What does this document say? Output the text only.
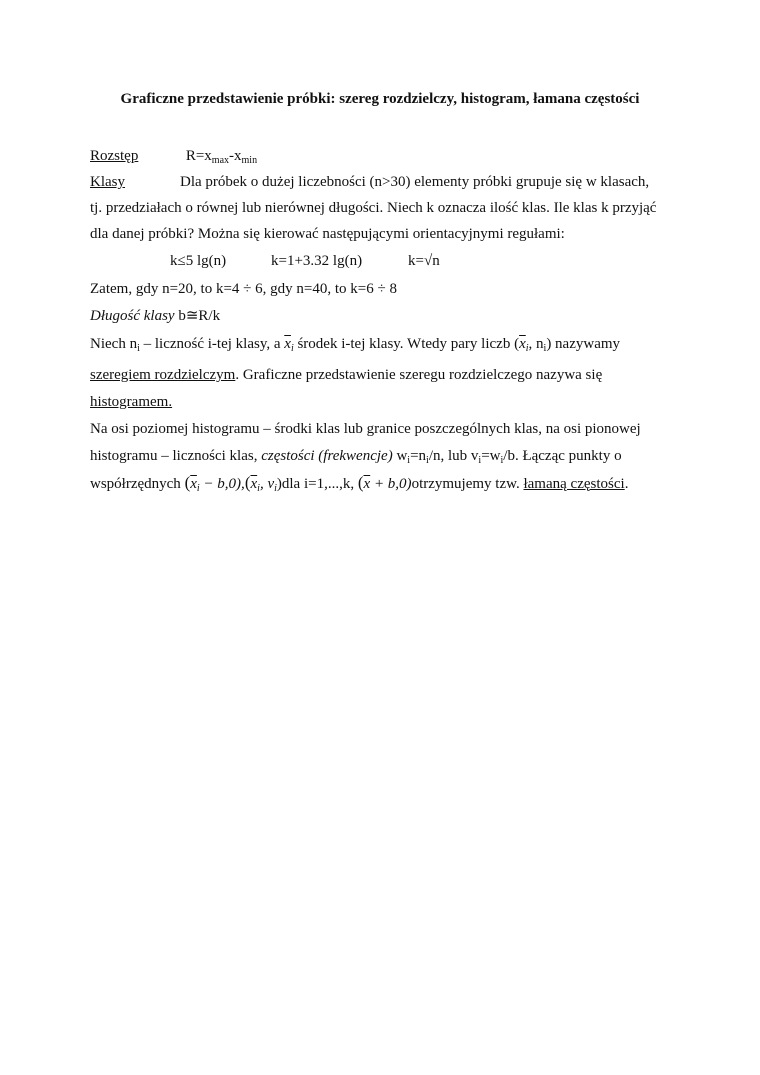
Graficzne przedstawienie próbki: szereg rozdzielczy, histogram, łamana częstości
Rozstęp	$R=x_{max}-x_{min}$
Klasy	Dla próbek o dużej liczebności (n>30) elementy próbki grupuje się w klasach,
tj. przedziałach o równej lub nierównej długości. Niech k oznacza ilość klas. Ile klas k przyjąć
dla danej próbki? Można się kierować następującymi orientacyjnymi regułami:
k≤5 lg(n)	k=1+3.32 lg(n)	k=√n
Zatem, gdy n=20, to k=4 ÷ 6, gdy n=40, to k=6 ÷ 8
Długość klasy b≅R/k
Niech $n_i$ – liczność i-tej klasy, a $\overline{x}_i$ środek i-tej klasy. Wtedy pary liczb ($\overline{x}_i$, $n_i$) nazywamy
szeregiem rozdzielczym. Graficzne przedstawienie szeregu rozdzielczego nazywa się
histogramem.
Na osi poziomej histogramu – środki klas lub granice poszczególnych klas, na osi pionowej
histogramu – liczności klas, częstości (frekwencje) $w_i=n_i/n$, lub $v_i=w_i/b$. Łącząc punkty o
współrzędnych $(\overline{x}_i - b,0),(\overline{x}_i$, $v_i)dla$ i=1,...,k, ($\overline{x}$ + b,0)otrzymujemy tzw. łamaną częstości.
